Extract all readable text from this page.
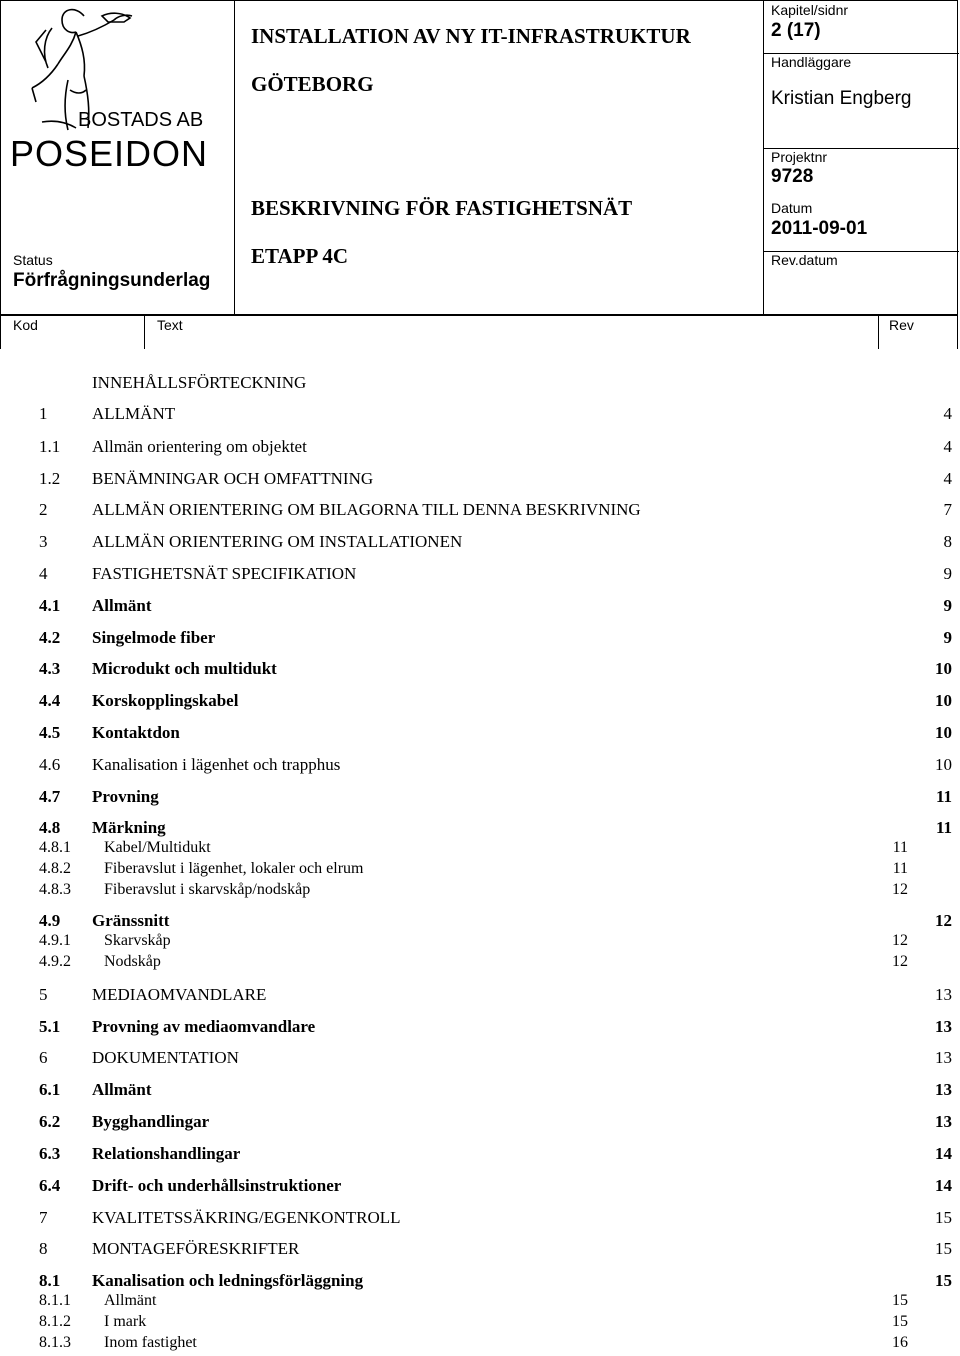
BOSTADS AB
POSEIDON
Status
Förfrågningsunderlag
INSTALLATION AV NY IT-INFRASTRUKTUR
GÖTEBORG
BESKRIVNING FÖR FASTIGHETSNÄT
ETAPP 4C
Kapitel/sidnr
2 (17)
Handläggare
Kristian Engberg
Projektnr
9728
Datum
2011-09-01
Rev.datum
Kod	Text	Rev
INNEHÅLLSFÖRTECKNING
1	ALLMÄNT	4
1.1 Allmän orientering om objektet	4
1.2 BENÄMNINGAR OCH OMFATTNING	4
2	ALLMÄN ORIENTERING OM BILAGORNA TILL DENNA BESKRIVNING	7
3	ALLMÄN ORIENTERING OM INSTALLATIONEN	8
4	FASTIGHETSNÄT SPECIFIKATION	9
4.1 Allmänt	9
4.2 Singelmode fiber	9
4.3 Microdukt och multidukt	10
4.4 Korskopplingskabel	10
4.5 Kontaktdon	10
4.6 Kanalisation i lägenhet och trapphus	10
4.7 Provning	11
4.8 Märkning	11
4.8.1 Kabel/Multidukt	11
4.8.2 Fiberavslut i lägenhet, lokaler och elrum	11
4.8.3 Fiberavslut i skarvskåp/nodskåp	12
4.9 Gränssnitt	12
4.9.1 Skarvskåp	12
4.9.2 Nodskåp	12
5	MEDIAOMVANDLARE	13
5.1 Provning av mediaomvandlare	13
6	DOKUMENTATION	13
6.1 Allmänt	13
6.2 Bygghandlingar	13
6.3 Relationshandlingar	14
6.4 Drift- och underhållsinstruktioner	14
7	KVALITETSSÄKRING/EGENKONTROLL	15
8	MONTAGEFÖRESKRIFTER	15
8.1 Kanalisation och ledningsförläggning	15
8.1.1 Allmänt	15
8.1.2 I mark	15
8.1.3 Inom fastighet	16
